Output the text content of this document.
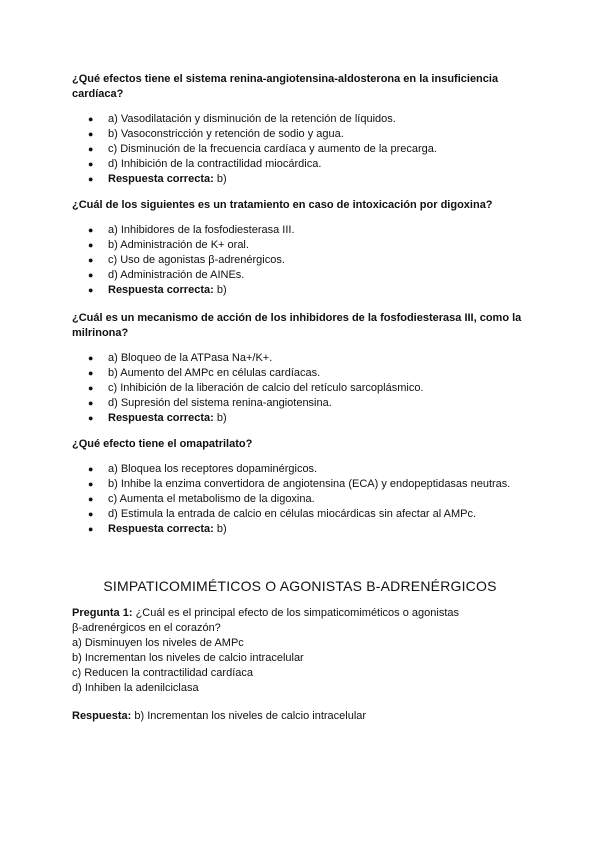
¿Qué efectos tiene el sistema renina-angiotensina-aldosterona en la insuficiencia cardíaca?

● a) Vasodilatación y disminución de la retención de líquidos.
● b) Vasoconstricción y retención de sodio y agua.
● c) Disminución de la frecuencia cardíaca y aumento de la precarga.
● d) Inhibición de la contractilidad miocárdica.
● Respuesta correcta: b)

¿Cuál de los siguientes es un tratamiento en caso de intoxicación por digoxina?

● a) Inhibidores de la fosfodiesterasa III.
● b) Administración de K+ oral.
● c) Uso de agonistas β-adrenérgicos.
● d) Administración de AINEs.
● Respuesta correcta: b)

¿Cuál es un mecanismo de acción de los inhibidores de la fosfodiesterasa III, como la milrinona?

● a) Bloqueo de la ATPasa Na+/K+.
● b) Aumento del AMPc en células cardíacas.
● c) Inhibición de la liberación de calcio del retículo sarcoplásmico.
● d) Supresión del sistema renina-angiotensina.
● Respuesta correcta: b)

¿Qué efecto tiene el omapatrilato?

● a) Bloquea los receptores dopaminérgicos.
● b) Inhibe la enzima convertidora de angiotensina (ECA) y endopeptidasas neutras.
● c) Aumenta el metabolismo de la digoxina.
● d) Estimula la entrada de calcio en células miocárdicas sin afectar al AMPc.
● Respuesta correcta: b)
SIMPATICOMIMÉTICOS O AGONISTAS Β-ADRENÉRGICOS
Pregunta 1: ¿Cuál es el principal efecto de los simpaticomiméticos o agonistas
β-adrenérgicos en el corazón?
a) Disminuyen los niveles de AMPc
b) Incrementan los niveles de calcio intracelular
c) Reducen la contractilidad cardíaca
d) Inhiben la adenilciclasa
Respuesta: b) Incrementan los niveles de calcio intracelular
